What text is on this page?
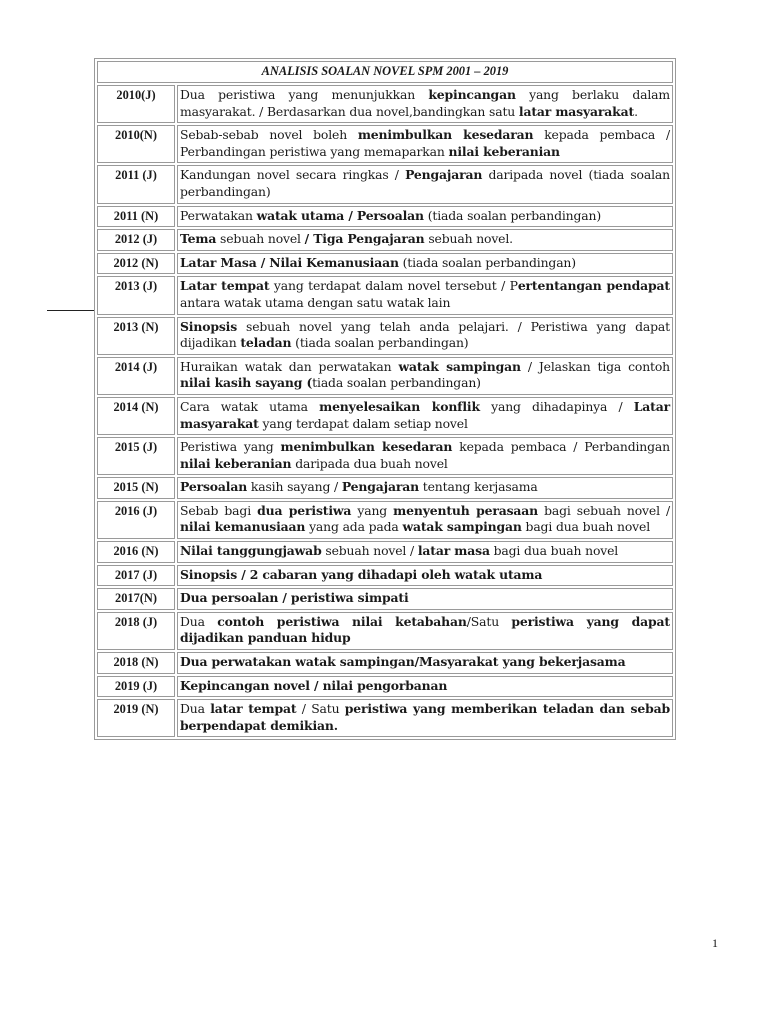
ANALISIS SOALAN NOVEL SPM 2001 – 2019	
2010(J)	Dua peristiwa yang menunjukkan kepincangan yang berlaku dalam masyarakat. / Berdasarkan dua novel,bandingkan satu latar masyarakat.
2010(N)	Sebab-sebab novel boleh menimbulkan kesedaran kepada pembaca / Perbandingan peristiwa yang memaparkan nilai keberanian
2011 (J)	Kandungan novel secara ringkas / Pengajaran daripada novel (tiada soalan perbandingan)
2011 (N)	Perwatakan watak utama / Persoalan (tiada soalan perbandingan)
2012 (J)	Tema sebuah novel / Tiga Pengajaran sebuah novel.
2012 (N)	Latar Masa / Nilai Kemanusiaan (tiada soalan perbandingan)
2013 (J)	Latar tempat yang terdapat dalam novel tersebut / Pertentangan pendapat antara watak utama dengan satu watak lain
2013 (N)	Sinopsis sebuah novel yang telah anda pelajari. / Peristiwa yang dapat dijadikan teladan (tiada soalan perbandingan)
2014 (J)	Huraikan watak dan perwatakan watak sampingan / Jelaskan tiga contoh nilai kasih sayang (tiada soalan perbandingan)
2014 (N)	Cara watak utama menyelesaikan konflik yang dihadapinya / Latar masyarakat yang terdapat dalam setiap novel
2015 (J)	Peristiwa yang menimbulkan kesedaran kepada pembaca / Perbandingan nilai keberanian daripada dua buah novel
2015 (N)	Persoalan kasih sayang / Pengajaran tentang kerjasama
2016 (J)	Sebab bagi dua peristiwa yang menyentuh perasaan bagi sebuah novel / nilai kemanusiaan yang ada pada watak sampingan bagi dua buah novel
2016 (N)	Nilai tanggungjawab sebuah novel / latar masa bagi dua buah novel
2017 (J)	Sinopsis / 2 cabaran yang dihadapi oleh watak utama
2017(N)	Dua persoalan / peristiwa simpati
2018 (J)	Dua contoh peristiwa nilai ketabahan/Satu peristiwa yang dapat dijadikan panduan hidup
2018 (N)	Dua perwatakan watak sampingan/Masyarakat yang bekerjasama
2019 (J)	Kepincangan novel / nilai pengorbanan
2019 (N)	Dua latar tempat / Satu peristiwa yang memberikan teladan dan sebab berpendapat demikian.
1
